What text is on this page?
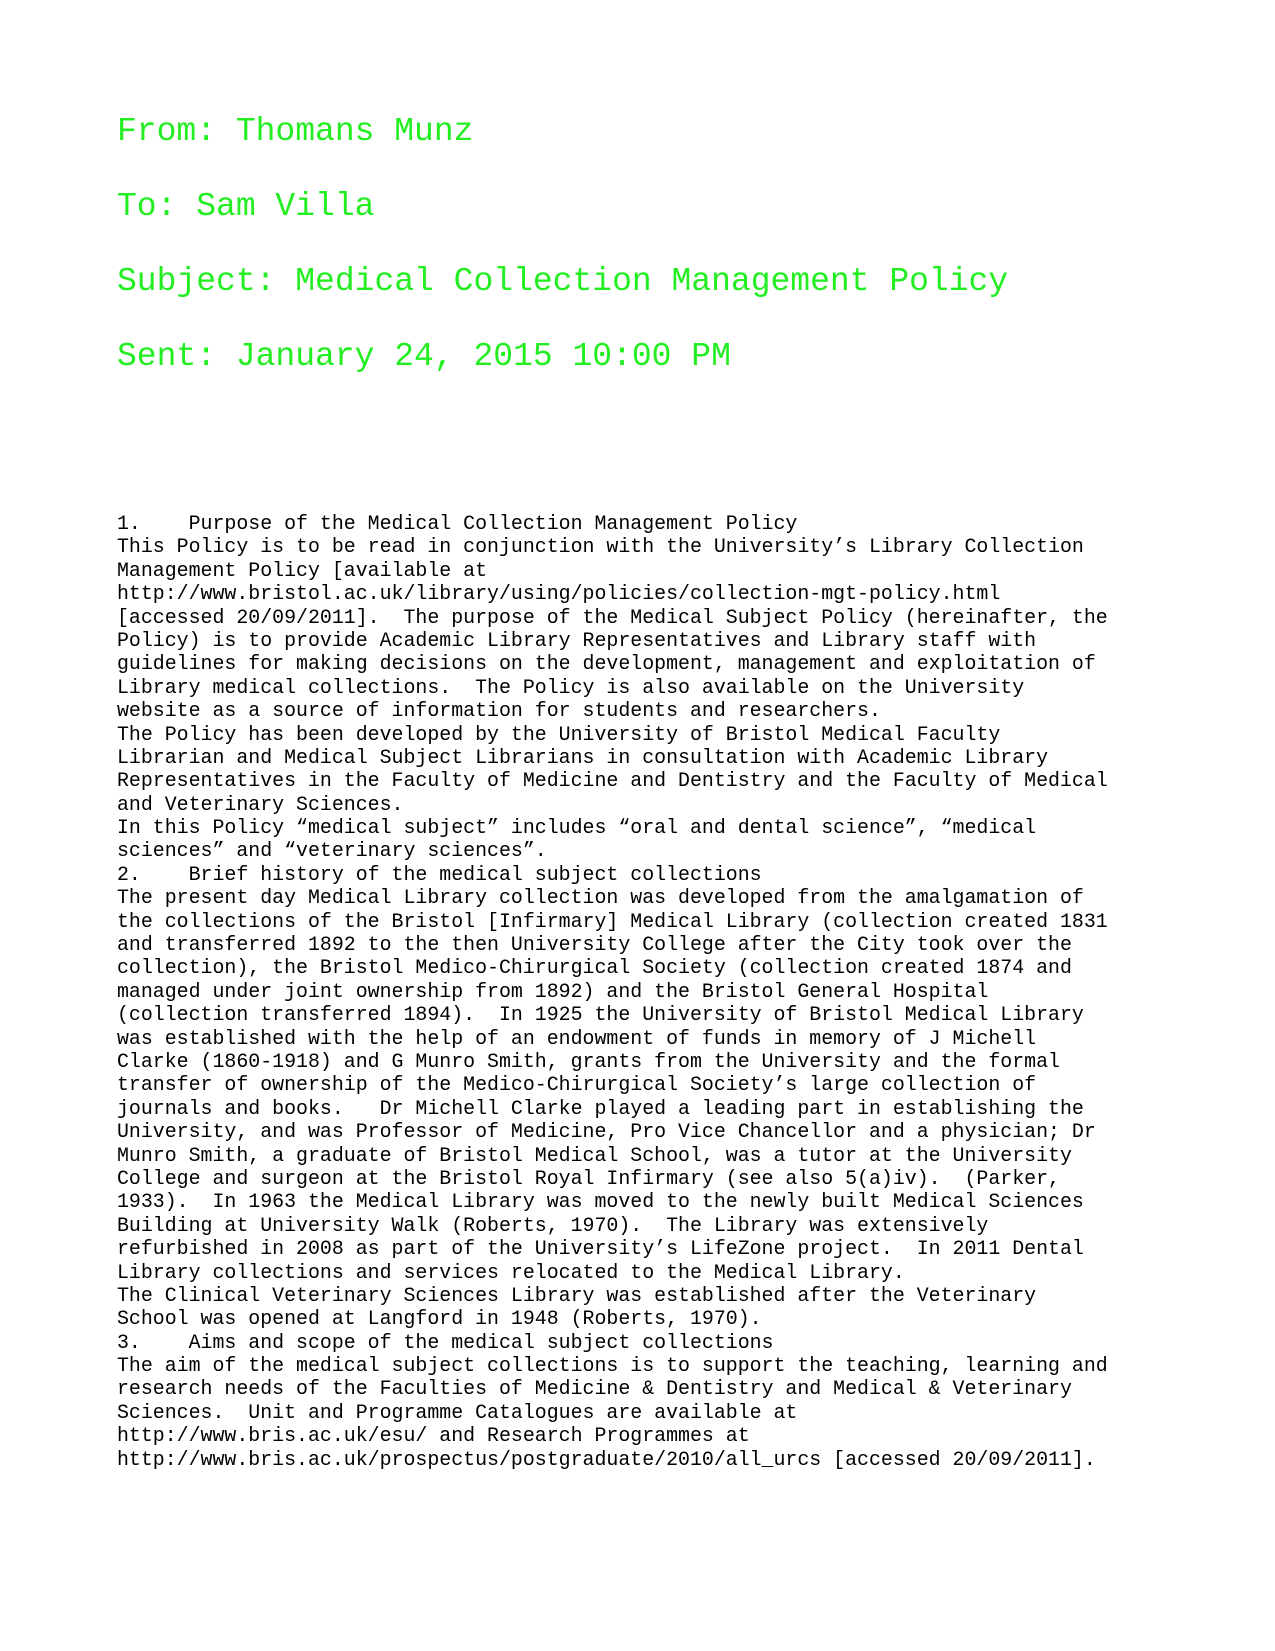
From: Thomans Munz
To: Sam Villa
Subject: Medical Collection Management Policy
Sent: January 24, 2015 10:00 PM
1.    Purpose of the Medical Collection Management Policy
This Policy is to be read in conjunction with the University’s Library Collection
Management Policy [available at
http://www.bristol.ac.uk/library/using/policies/collection-mgt-policy.html
[accessed 20/09/2011].  The purpose of the Medical Subject Policy (hereinafter, the
Policy) is to provide Academic Library Representatives and Library staff with
guidelines for making decisions on the development, management and exploitation of
Library medical collections.  The Policy is also available on the University
website as a source of information for students and researchers.
The Policy has been developed by the University of Bristol Medical Faculty
Librarian and Medical Subject Librarians in consultation with Academic Library
Representatives in the Faculty of Medicine and Dentistry and the Faculty of Medical
and Veterinary Sciences.
In this Policy “medical subject” includes “oral and dental science”, “medical
sciences” and “veterinary sciences”.
2.    Brief history of the medical subject collections
The present day Medical Library collection was developed from the amalgamation of
the collections of the Bristol [Infirmary] Medical Library (collection created 1831
and transferred 1892 to the then University College after the City took over the
collection), the Bristol Medico-Chirurgical Society (collection created 1874 and
managed under joint ownership from 1892) and the Bristol General Hospital
(collection transferred 1894).  In 1925 the University of Bristol Medical Library
was established with the help of an endowment of funds in memory of J Michell
Clarke (1860-1918) and G Munro Smith, grants from the University and the formal
transfer of ownership of the Medico-Chirurgical Society’s large collection of
journals and books.   Dr Michell Clarke played a leading part in establishing the
University, and was Professor of Medicine, Pro Vice Chancellor and a physician; Dr
Munro Smith, a graduate of Bristol Medical School, was a tutor at the University
College and surgeon at the Bristol Royal Infirmary (see also 5(a)iv).  (Parker,
1933).  In 1963 the Medical Library was moved to the newly built Medical Sciences
Building at University Walk (Roberts, 1970).  The Library was extensively
refurbished in 2008 as part of the University’s LifeZone project.  In 2011 Dental
Library collections and services relocated to the Medical Library.
The Clinical Veterinary Sciences Library was established after the Veterinary
School was opened at Langford in 1948 (Roberts, 1970).
3.    Aims and scope of the medical subject collections
The aim of the medical subject collections is to support the teaching, learning and
research needs of the Faculties of Medicine & Dentistry and Medical & Veterinary
Sciences.  Unit and Programme Catalogues are available at
http://www.bris.ac.uk/esu/ and Research Programmes at
http://www.bris.ac.uk/prospectus/postgraduate/2010/all_urcs [accessed 20/09/2011].
